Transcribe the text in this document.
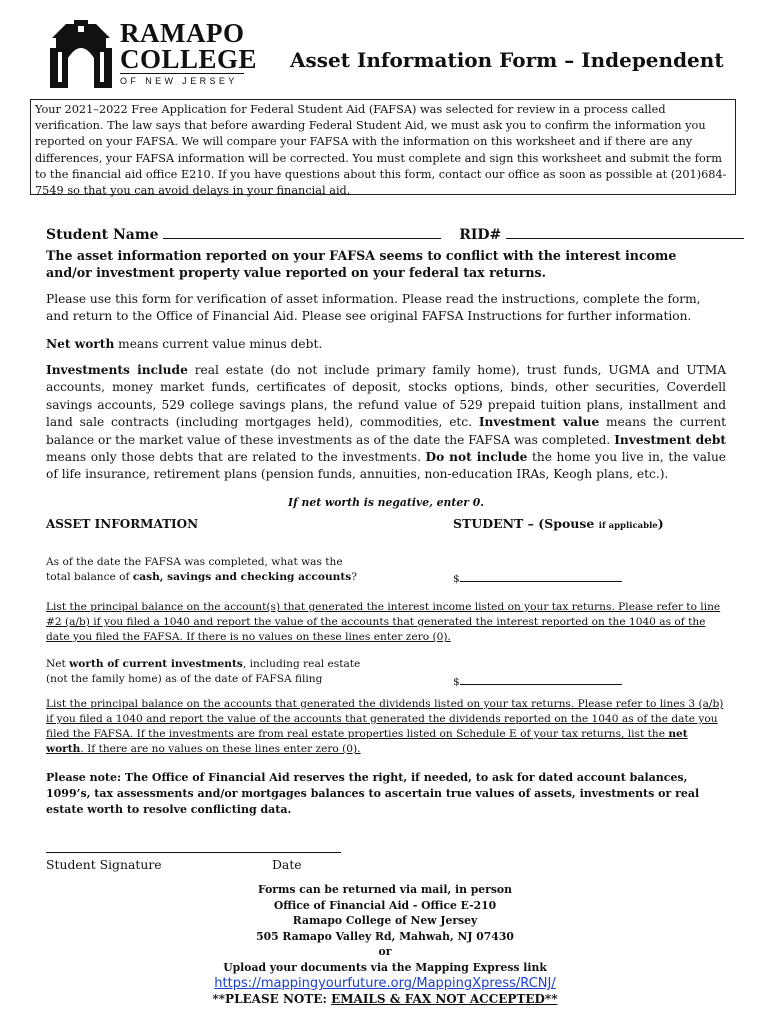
RAMAPO
COLLEGE
OF NEW JERSEY
Asset Information Form – Independent
Your 2021–2022 Free Application for Federal Student Aid (FAFSA) was selected for review in a process called verification. The law says that before awarding Federal Student Aid, we must ask you to confirm the information you reported on your FAFSA. We will compare your FAFSA with the information on this worksheet and if there are any differences, your FAFSA information will be corrected. You must complete and sign this worksheet and submit the form to the financial aid office E210. If you have questions about this form, contact our office as soon as possible at (201)684-7549 so that you can avoid delays in your financial aid.
Student Name	RID#
The asset information reported on your FAFSA seems to conflict with the interest income and/or investment property value reported on your federal tax returns.
Please use this form for verification of asset information. Please read the instructions, complete the form, and return to the Office of Financial Aid. Please see original FAFSA Instructions for further information.
Net worth means current value minus debt.
Investments include real estate (do not include primary family home), trust funds, UGMA and UTMA accounts, money market funds, certificates of deposit, stocks options, binds, other securities, Coverdell savings accounts, 529 college savings plans, the refund value of 529 prepaid tuition plans, installment and land sale contracts (including mortgages held), commodities, etc. Investment value means the current balance or the market value of these investments as of the date the FAFSA was completed. Investment debt means only those debts that are related to the investments. Do not include the home you live in, the value of life insurance, retirement plans (pension funds, annuities, non-education IRAs, Keogh plans, etc.).
If net worth is negative, enter 0.
ASSET INFORMATION	STUDENT – (Spouse if applicable)
As of the date the FAFSA was completed, what was the
total balance of cash, savings and checking accounts?	$
List the principal balance on the account(s) that generated the interest income listed on your tax returns. Please refer to line #2 (a/b) if you filed a 1040 and report the value of the accounts that generated the interest reported on the 1040 as of the date you filed the FAFSA. If there is no values on these lines enter zero (0).
Net worth of current investments, including real estate
(not the family home) as of the date of FAFSA filing	$
List the principal balance on the accounts that generated the dividends listed on your tax returns. Please refer to lines 3 (a/b) if you filed a 1040 and report the value of the accounts that generated the dividends reported on the 1040 as of the date you filed the FAFSA. If the investments are from real estate properties listed on Schedule E of your tax returns, list the net worth. If there are no values on these lines enter zero (0).
Please note: The Office of Financial Aid reserves the right, if needed, to ask for dated account balances, 1099’s, tax assessments and/or mortgages balances to ascertain true values of assets, investments or real estate worth to resolve conflicting data.
Student Signature	Date
Forms can be returned via mail, in person
Office of Financial Aid - Office E-210
Ramapo College of New Jersey
505 Ramapo Valley Rd, Mahwah, NJ 07430
or
Upload your documents via the Mapping Express link
https://mappingyourfuture.org/MappingXpress/RCNJ/
**PLEASE NOTE: EMAILS & FAX NOT ACCEPTED**
